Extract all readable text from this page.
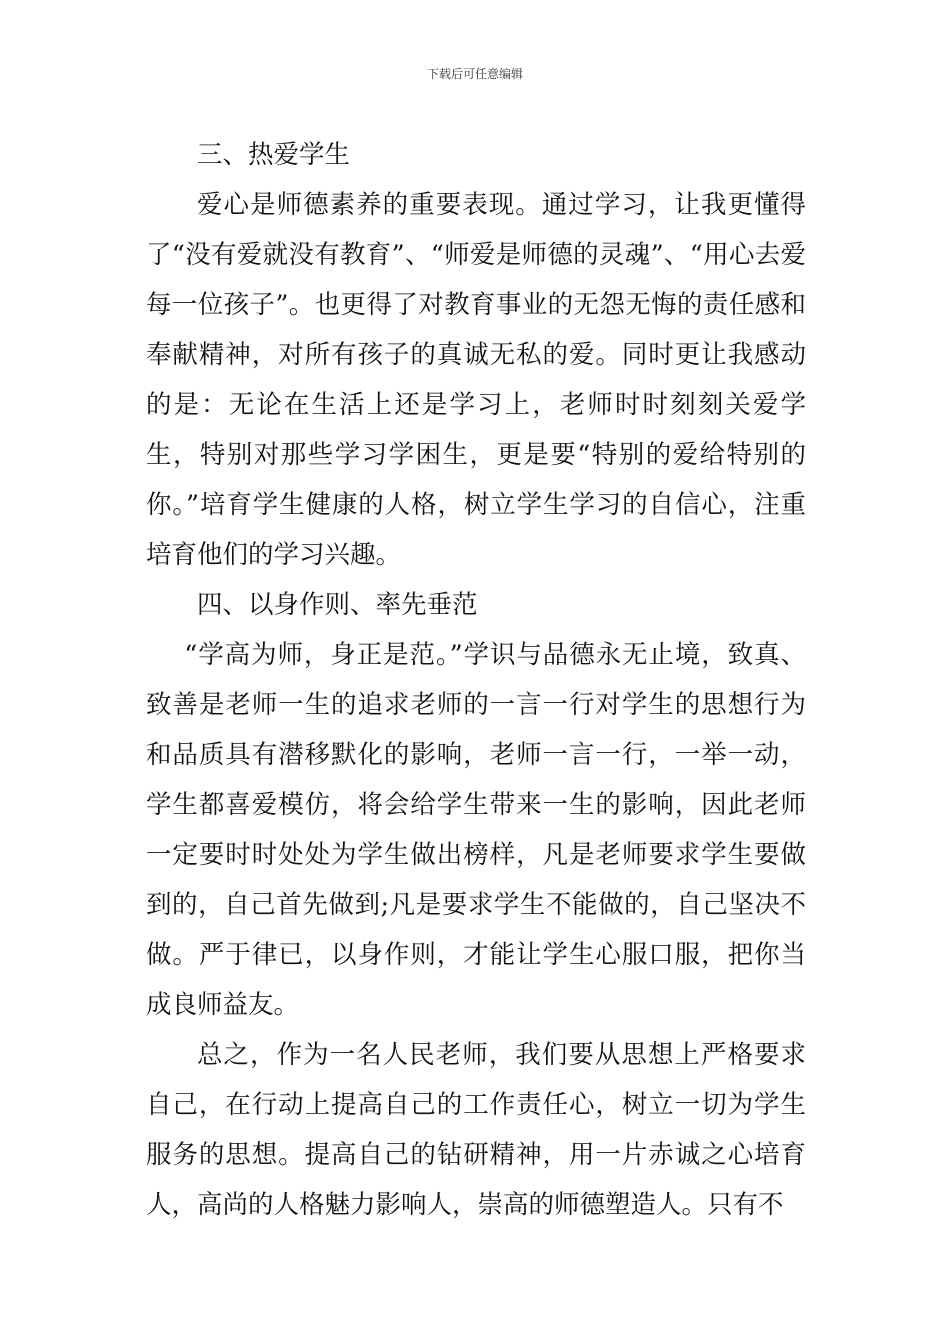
下载后可任意编辑

三、热爱学生

爱心是师德素养的重要表现。通过学习，让我更懂得了“没有爱就没有教育”、“师爱是师德的灵魂”、“用心去爱每一位孩子”。也更得了对教育事业的无怨无悔的责任感和奉献精神，对所有孩子的真诚无私的爱。同时更让我感动的是：无论在生活上还是学习上，老师时时刻刻关爱学生，特别对那些学习学困生，更是要“特别的爱给特别的你。”培育学生健康的人格，树立学生学习的自信心，注重培育他们的学习兴趣。

四、以身作则、率先垂范

“学高为师，身正是范。”学识与品德永无止境，致真、致善是老师一生的追求老师的一言一行对学生的思想行为和品质具有潜移默化的影响，老师一言一行，一举一动，学生都喜爱模仿，将会给学生带来一生的影响，因此老师一定要时时处处为学生做出榜样，凡是老师要求学生要做到的，自己首先做到;凡是要求学生不能做的，自己坚决不做。严于律已，以身作则，才能让学生心服口服，把你当成良师益友。

总之，作为一名人民老师，我们要从思想上严格要求自己，在行动上提高自己的工作责任心，树立一切为学生服务的思想。提高自己的钻研精神，用一片赤诚之心培育人，高尚的人格魅力影响人，崇高的师德塑造人。只有不
